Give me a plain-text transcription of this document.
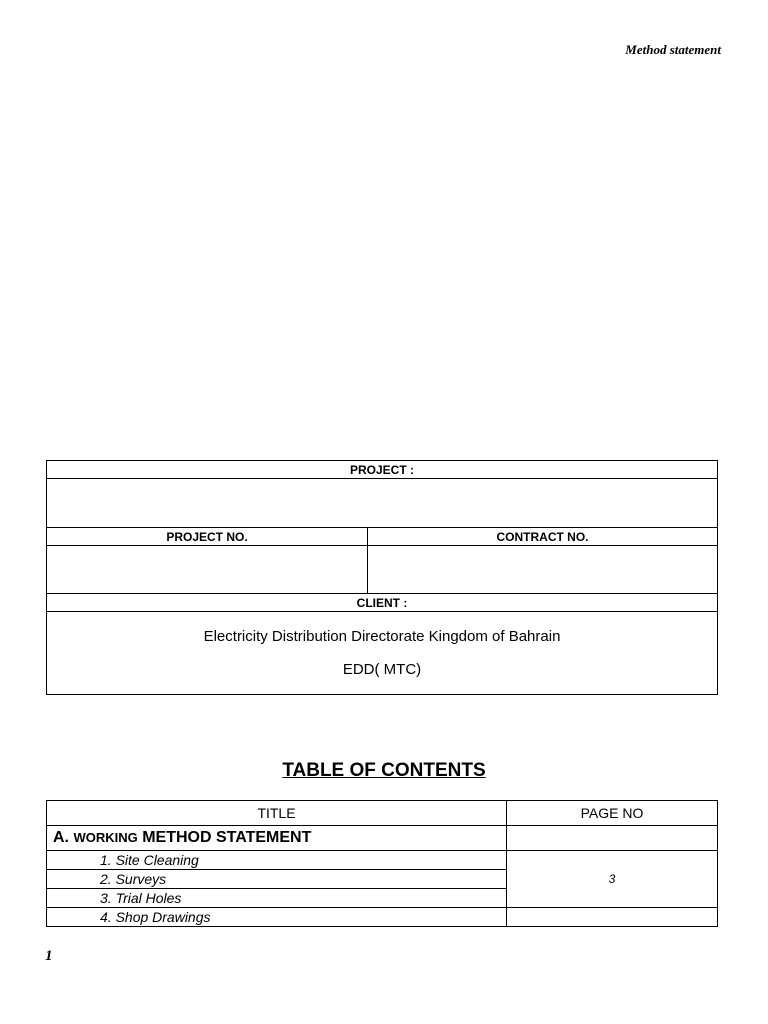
Method statement
PROJECT :	

PROJECT NO.	CONTRACT NO.

CLIENT :	

Electricity Distribution Directorate Kingdom of Bahrain
EDD( MTC)	
TABLE OF CONTENTS
TITLE	PAGE NO
A. WORKING METHOD STATEMENT	
1. Site Cleaning	3
2. Surveys	
3. Trial Holes	
4. Shop Drawings	
1
